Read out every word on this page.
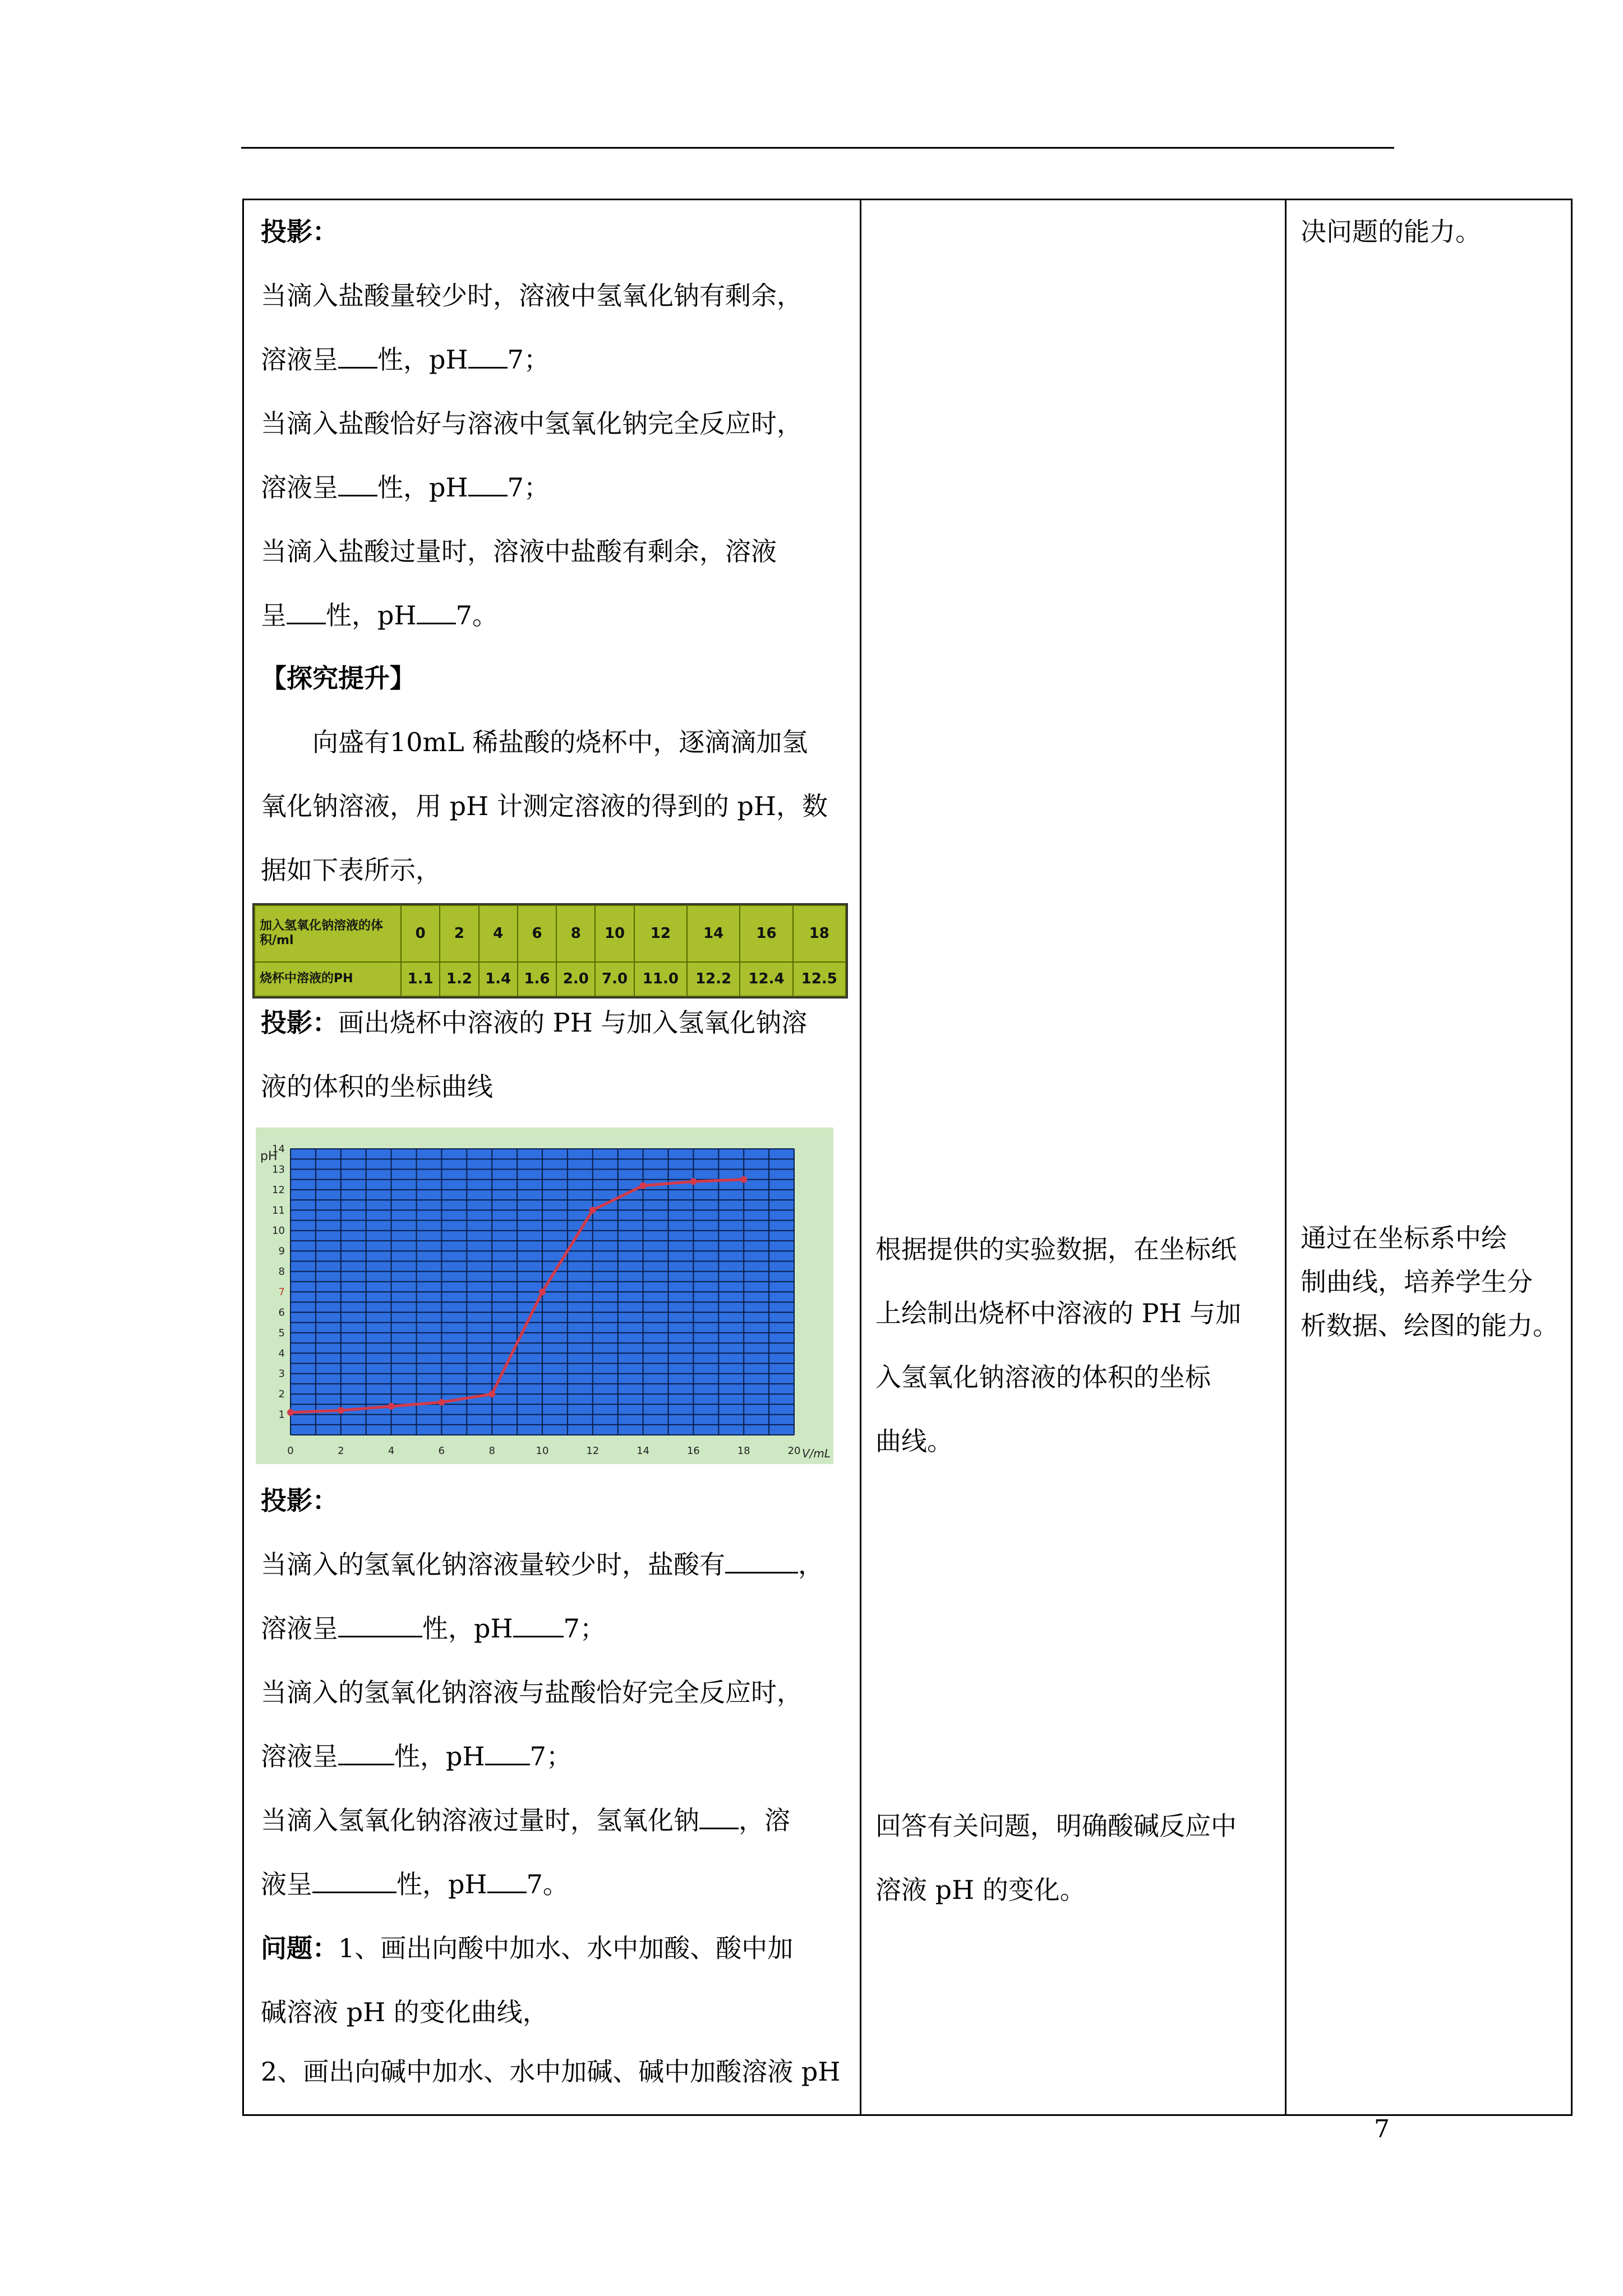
投影：
当滴入盐酸量较少时，溶液中氢氧化钠有剩余，
溶液呈 性，pH 7；
当滴入盐酸恰好与溶液中氢氧化钠完全反应时，
溶液呈 性，pH 7；
当滴入盐酸过量时，溶液中盐酸有剩余，溶液
呈 性，pH 7。
【探究提升】
向盛有10mL 稀盐酸的烧杯中，逐滴滴加氢
氧化钠溶液，用 pH 计测定溶液的得到的 pH，数
据如下表所示，
投影：画出烧杯中溶液的 PH 与加入氢氧化钠溶
液的体积的坐标曲线
投影：
当滴入的氢氧化钠溶液量较少时，盐酸有	，
溶液呈	性，pH 7；
当滴入的氢氧化钠溶液与盐酸恰好完全反应时，
溶液呈 性，pH 7；
当滴入氢氧化钠溶液过量时，氢氧化钠 ，溶
液呈	性，pH 7。
问题：1、画出向酸中加水、水中加酸、酸中加
碱溶液 pH 的变化曲线，
2、画出向碱中加水、水中加碱、碱中加酸溶液 pH
根据提供的实验数据，在坐标纸
上绘制出烧杯中溶液的 PH 与加
入氢氧化钠溶液的体积的坐标
曲线。
回答有关问题，明确酸碱反应中
溶液 pH 的变化。
决问题的能力。
通过在坐标系中绘
制曲线，培养学生分
析数据、绘图的能力。
加入氢氧化钠溶液的体积/ml	0	2	4	6	8	10	12	14	16	18
烧杯中溶液的PH	1.1	1.2	1.4	1.6	2.0	7.0	11.0	12.2	12.4	12.5
0	2	4	6	8	10	12	14	16	18	20
1
2
3
4
5
6
7
8
9
10
11
12
13
14
pH
V/mL
7
